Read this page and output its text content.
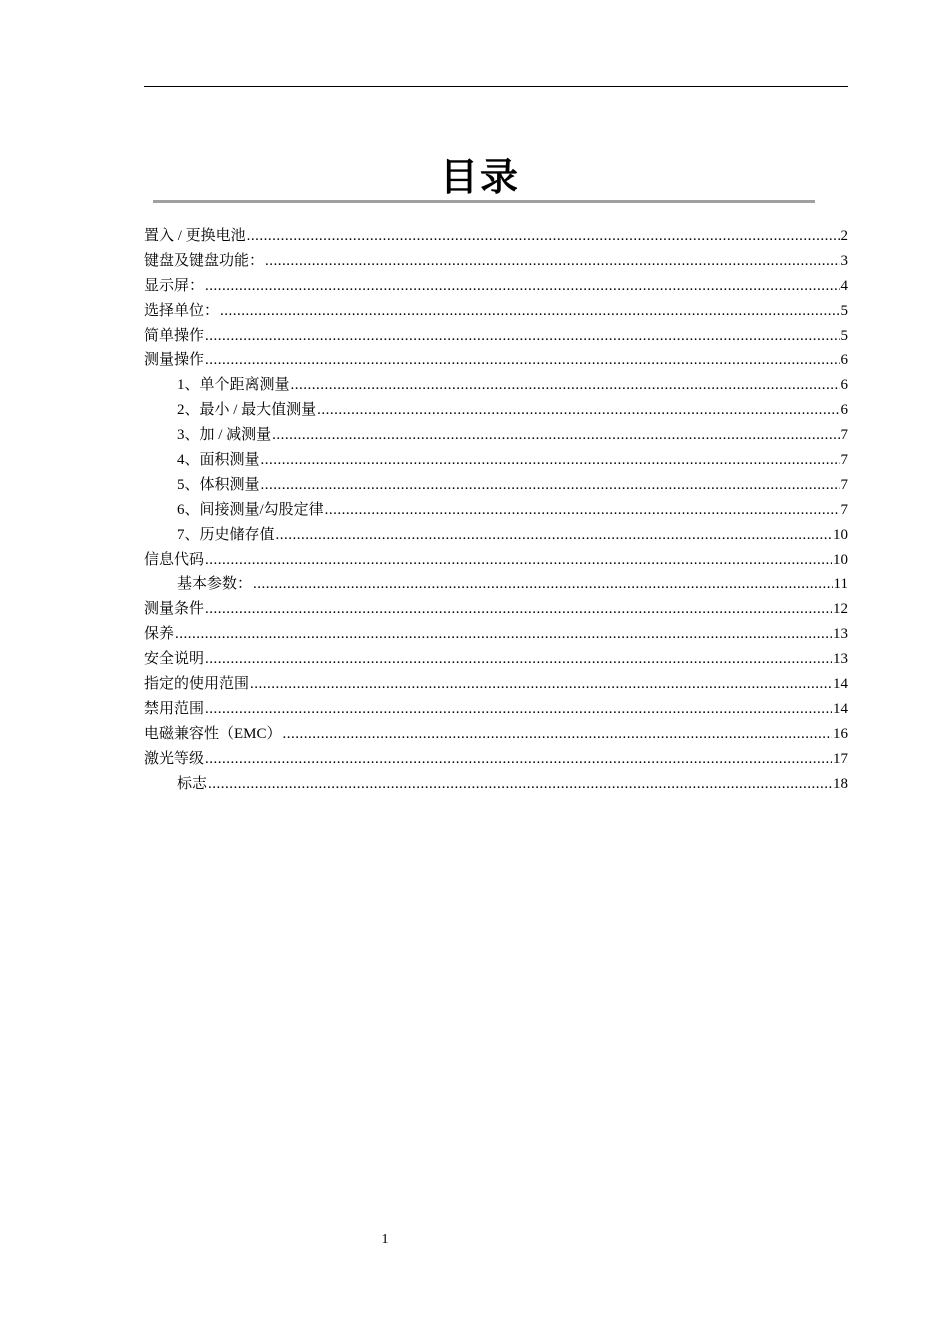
目录
置入 / 更换电池 .....	2
键盘及键盘功能： .....	3
显示屏： .....	4
选择单位： .....	5
简单操作 .....	5
测量操作 .....	6
1、单个距离测量 .....	6
2、最小 / 最大值测量 .....	6
3、加 / 减测量 .....	7
4、面积测量 .....	7
5、体积测量 .....	7
6、间接测量/勾股定律 .....	7
7、历史储存值 .....	10
信息代码 .....	10
基本参数： .....	11
测量条件 .....	12
保养 .....	13
安全说明 .....	13
指定的使用范围 .....	14
禁用范围 .....	14
电磁兼容性（EMC） .....	16
激光等级 .....	17
标志 .....	18
1
